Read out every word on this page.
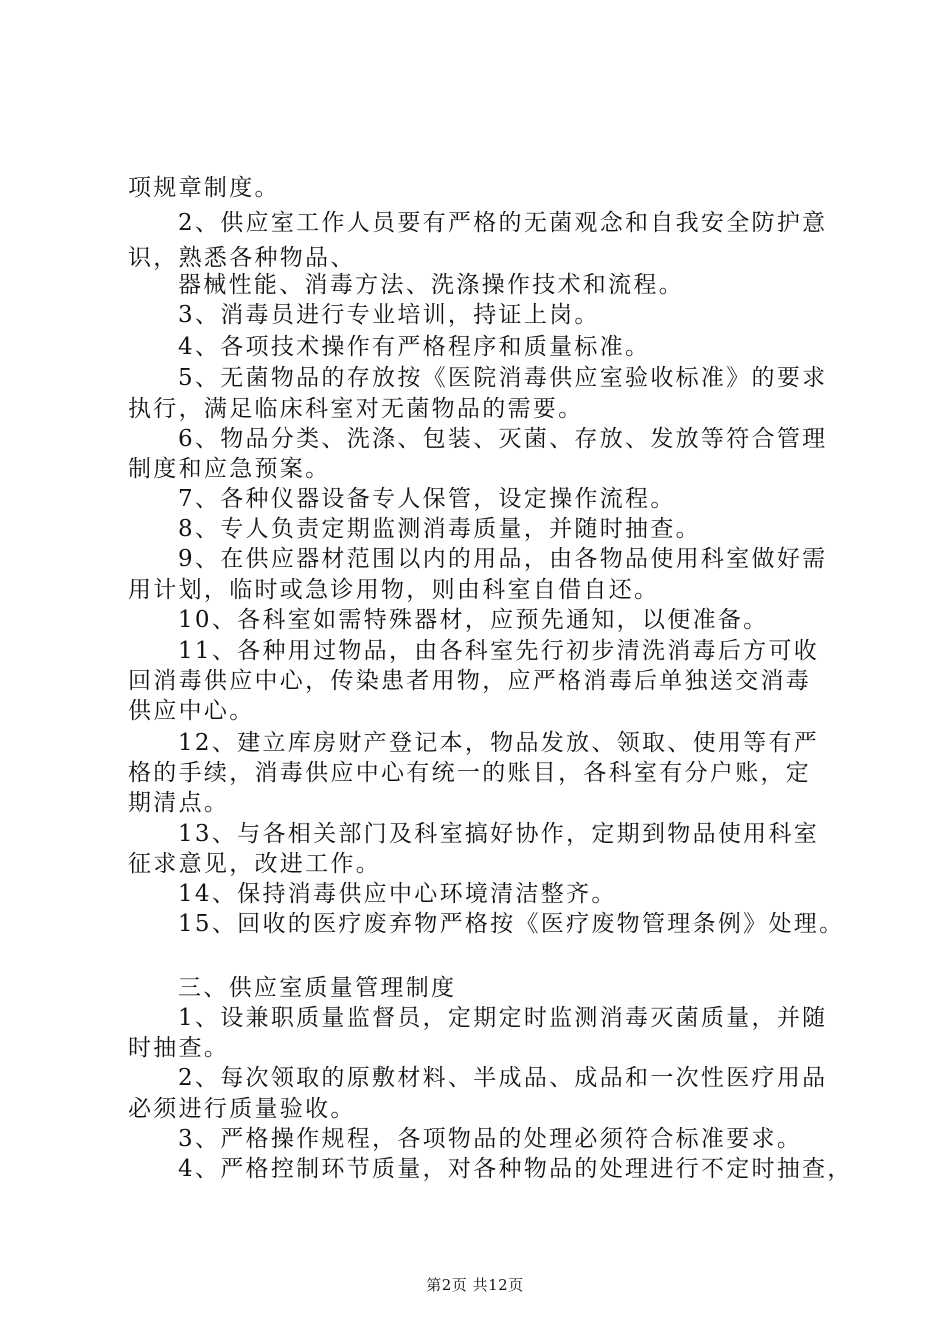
项规章制度。
2、供应室工作人员要有严格的无菌观念和自我安全防护意
识，熟悉各种物品、
器械性能、消毒方法、洗涤操作技术和流程。
3、消毒员进行专业培训，持证上岗。
4、各项技术操作有严格程序和质量标准。
5、无菌物品的存放按《医院消毒供应室验收标准》的要求
执行，满足临床科室对无菌物品的需要。
6、物品分类、洗涤、包装、灭菌、存放、发放等符合管理
制度和应急预案。
7、各种仪器设备专人保管，设定操作流程。
8、专人负责定期监测消毒质量，并随时抽查。
9、在供应器材范围以内的用品，由各物品使用科室做好需
用计划，临时或急诊用物，则由科室自借自还。
10、各科室如需特殊器材，应预先通知，以便准备。
11、各种用过物品，由各科室先行初步清洗消毒后方可收
回消毒供应中心，传染患者用物，应严格消毒后单独送交消毒
供应中心。
12、建立库房财产登记本，物品发放、领取、使用等有严
格的手续，消毒供应中心有统一的账目，各科室有分户账，定
期清点。
13、与各相关部门及科室搞好协作，定期到物品使用科室
征求意见，改进工作。
14、保持消毒供应中心环境清洁整齐。
15、回收的医疗废弃物严格按《医疗废物管理条例》处理。
三、供应室质量管理制度
1、设兼职质量监督员，定期定时监测消毒灭菌质量，并随
时抽查。
2、每次领取的原敷材料、半成品、成品和一次性医疗用品
必须进行质量验收。
3、严格操作规程，各项物品的处理必须符合标准要求。
4、严格控制环节质量，对各种物品的处理进行不定时抽查，
第2页 共12页
